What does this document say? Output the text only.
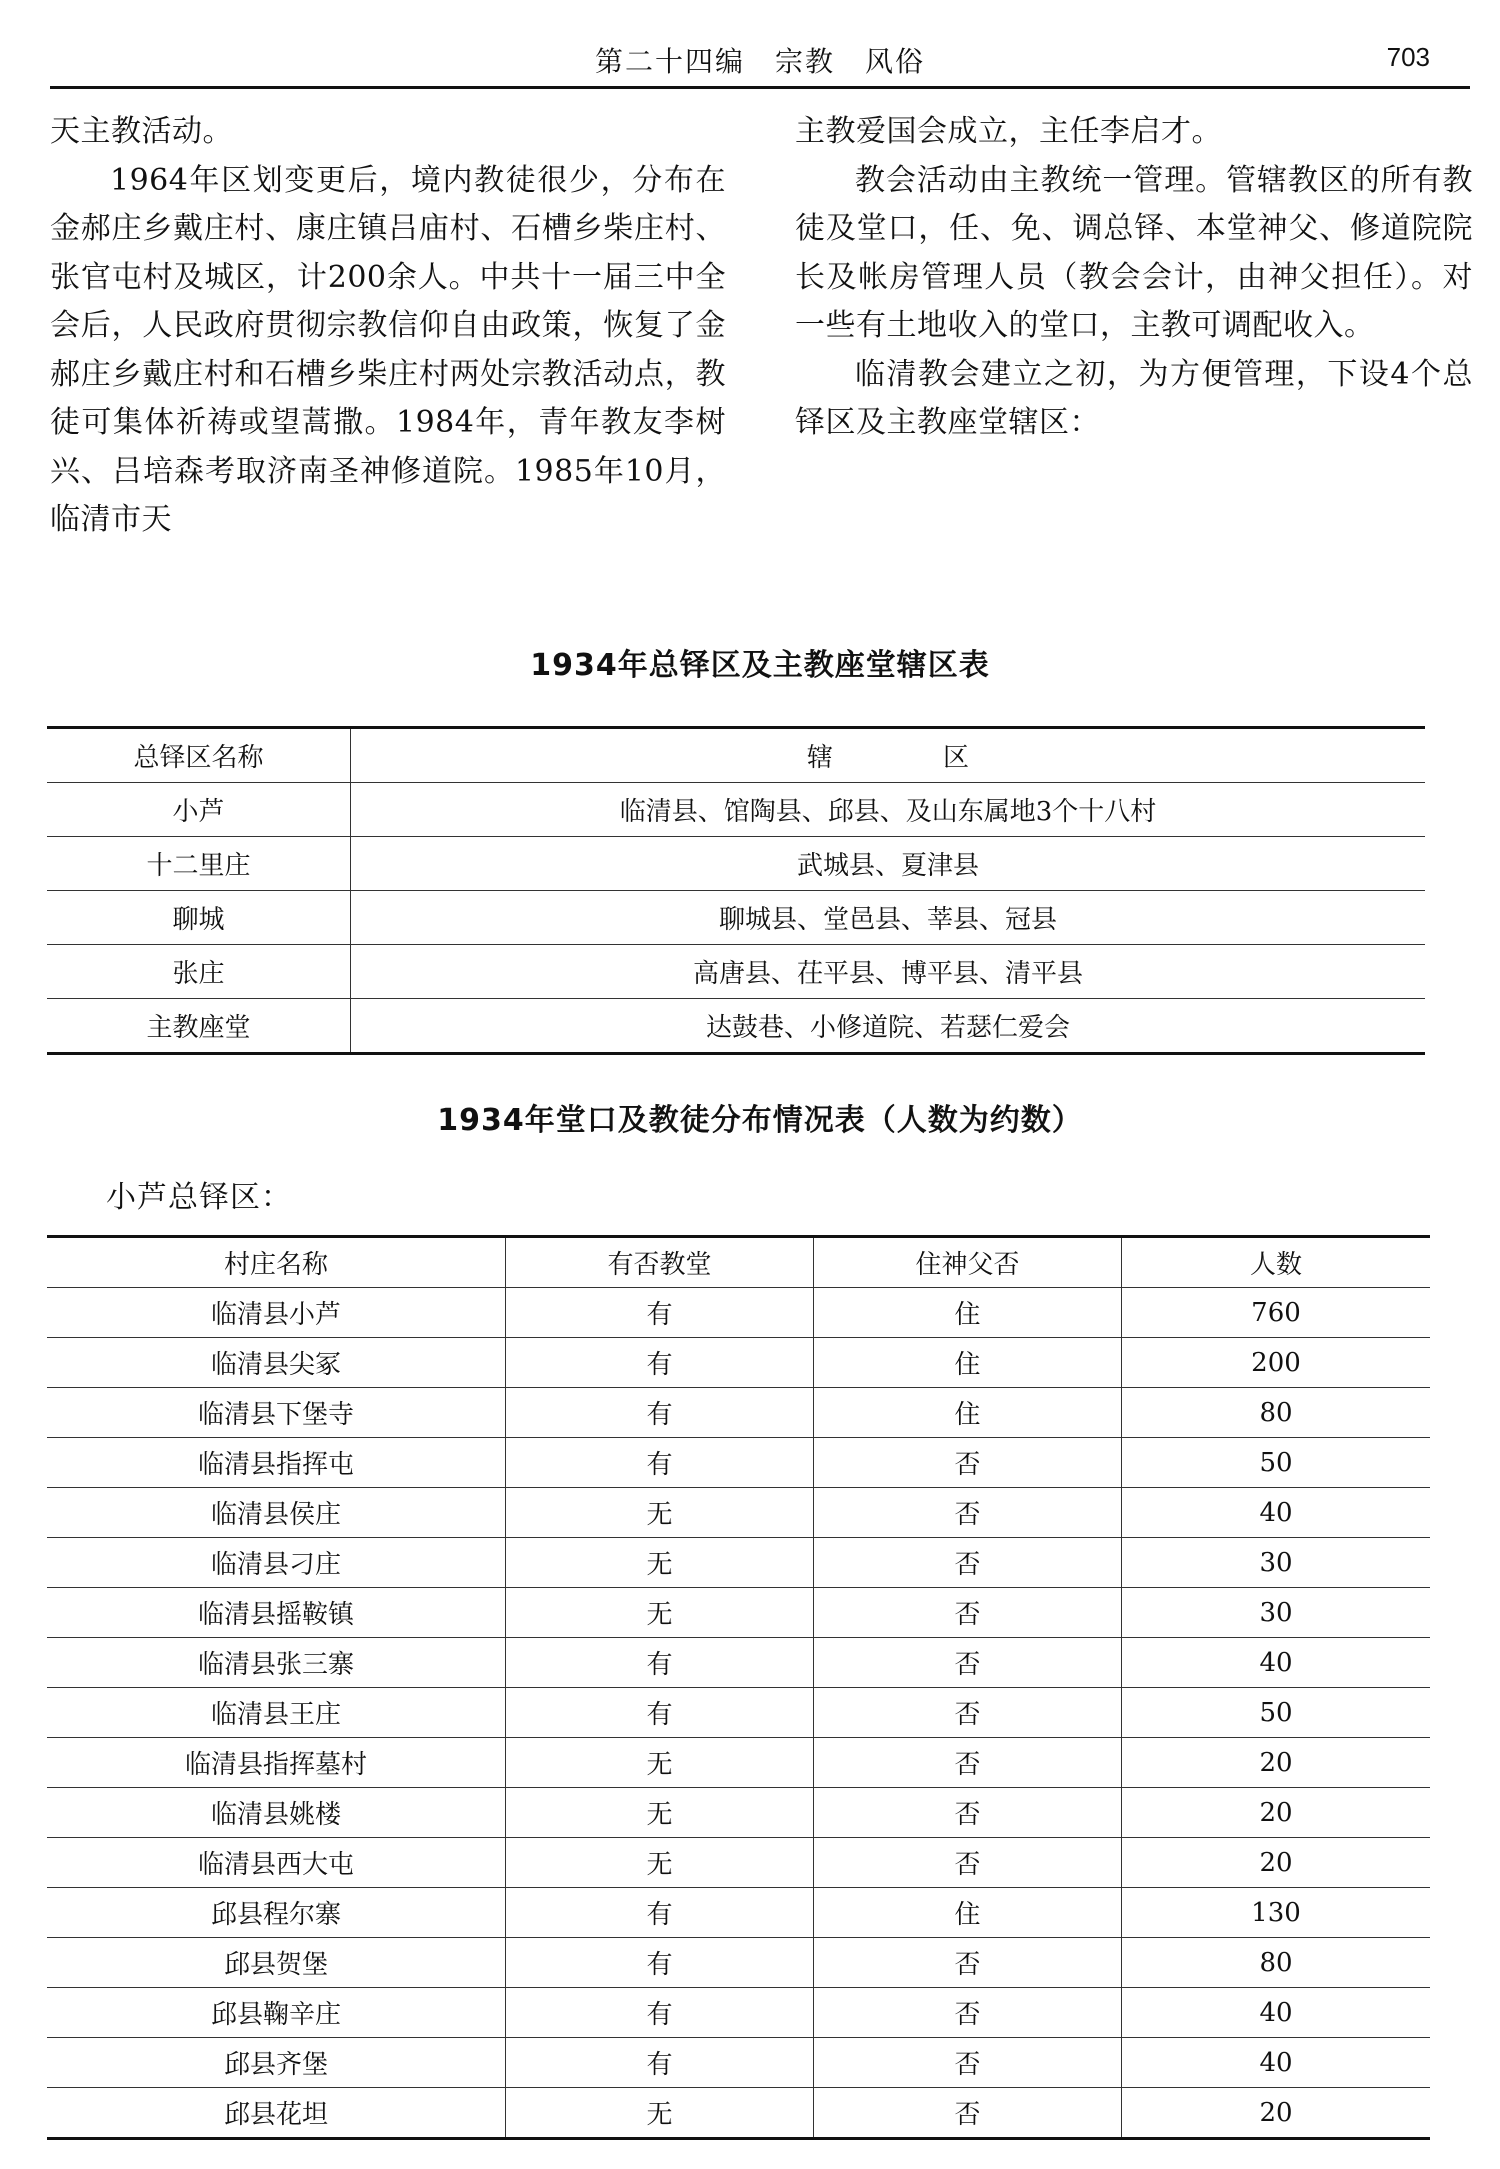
第二十四编　宗教　风俗	703

天主教活动。

1964年区划变更后，境内教徒很少，分布在金郝庄乡戴庄村、康庄镇吕庙村、石槽乡柴庄村、张官屯村及城区，计200余人。中共十一届三中全会后，人民政府贯彻宗教信仰自由政策，恢复了金郝庄乡戴庄村和石槽乡柴庄村两处宗教活动点，教徒可集体祈祷或望蒿撒。1984年，青年教友李树兴、吕培森考取济南圣神修道院。1985年10月，临清市天

主教爱国会成立，主任李启才。

教会活动由主教统一管理。管辖教区的所有教徒及堂口，任、免、调总铎、本堂神父、修道院院长及帐房管理人员（教会会计，由神父担任）。对一些有土地收入的堂口，主教可调配收入。

临清教会建立之初，为方便管理，下设4个总铎区及主教座堂辖区：

1934年总铎区及主教座堂辖区表
总铎区名称	辖区
小芦	临清县、馆陶县、邱县、及山东属地3个十八村
十二里庄	武城县、夏津县
聊城	聊城县、堂邑县、莘县、冠县
张庄	高唐县、茌平县、博平县、清平县
主教座堂	达鼓巷、小修道院、若瑟仁爱会
1934年堂口及教徒分布情况表（人数为约数）
小芦总铎区：
村庄名称	有否教堂	住神父否	人数
临清县小芦	有	住	760
临清县尖冢	有	住	200
临清县下堡寺	有	住	80
临清县指挥屯	有	否	50
临清县侯庄	无	否	40
临清县刁庄	无	否	30
临清县摇鞍镇	无	否	30
临清县张三寨	有	否	40
临清县王庄	有	否	50
临清县指挥墓村	无	否	20
临清县姚楼	无	否	20
临清县西大屯	无	否	20
邱县程尔寨	有	住	130
邱县贺堡	有	否	80
邱县鞠辛庄	有	否	40
邱县齐堡	有	否	40
邱县花坦	无	否	20
